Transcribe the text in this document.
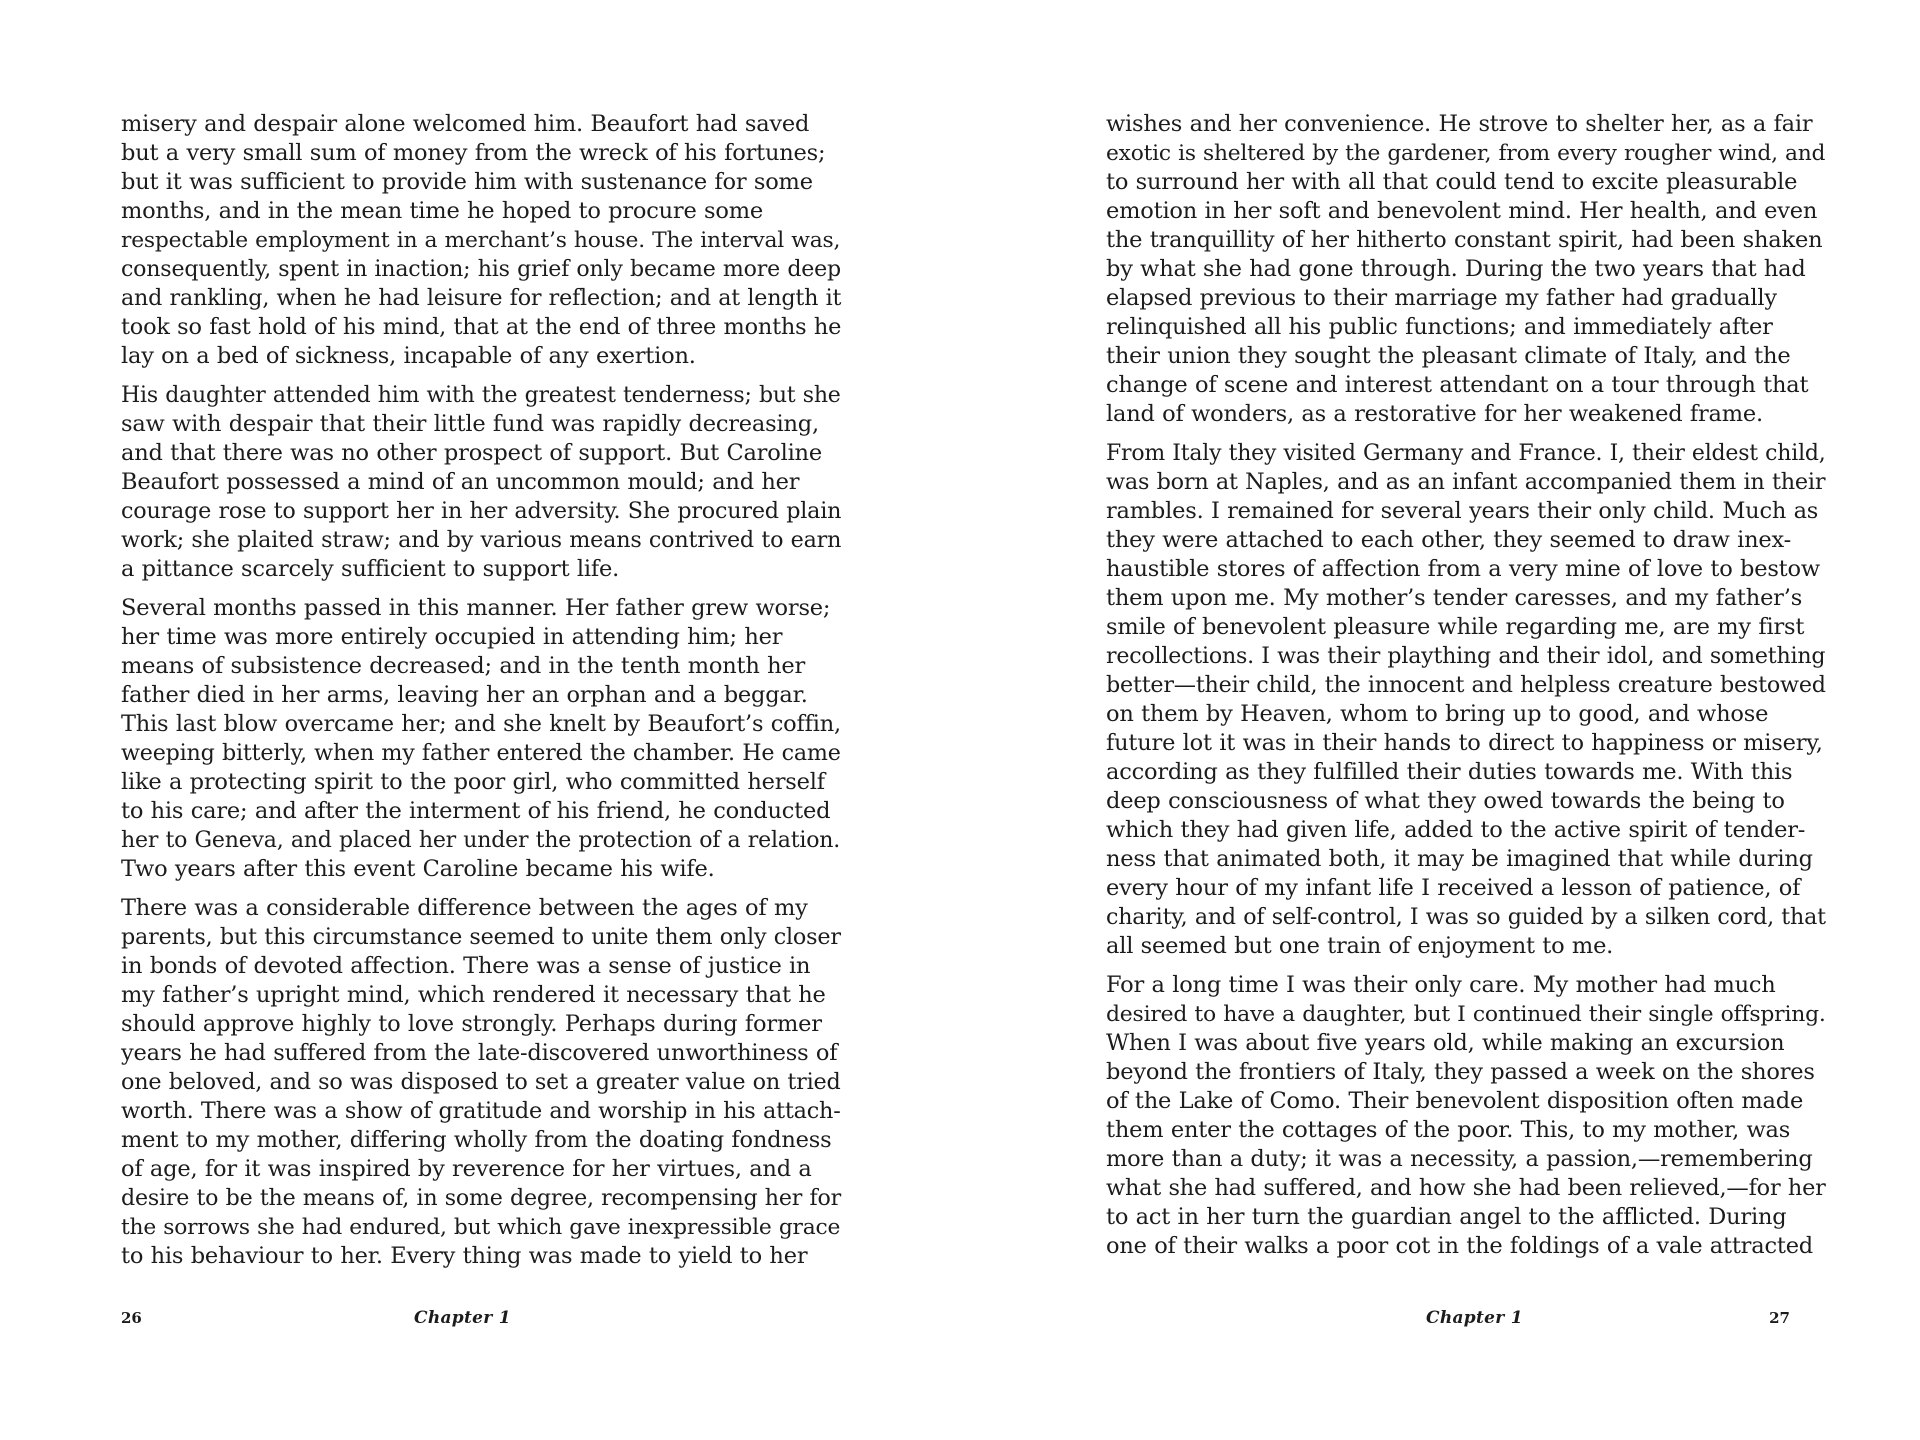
misery and despair alone welcomed him. Beaufort had saved
but a very small sum of money from the wreck of his fortunes;
but it was sufficient to provide him with sustenance for some
months, and in the mean time he hoped to procure some
respectable employment in a merchant’s house. The interval was,
consequently, spent in inaction; his grief only became more deep
and rankling, when he had leisure for reflection; and at length it
took so fast hold of his mind, that at the end of three months he
lay on a bed of sickness, incapable of any exertion.

His daughter attended him with the greatest tenderness; but she
saw with despair that their little fund was rapidly decreasing,
and that there was no other prospect of support. But Caroline
Beaufort possessed a mind of an uncommon mould; and her
courage rose to support her in her adversity. She procured plain
work; she plaited straw; and by various means contrived to earn
a pittance scarcely sufficient to support life.

Several months passed in this manner. Her father grew worse;
her time was more entirely occupied in attending him; her
means of subsistence decreased; and in the tenth month her
father died in her arms, leaving her an orphan and a beggar.
This last blow overcame her; and she knelt by Beaufort’s coffin,
weeping bitterly, when my father entered the chamber. He came
like a protecting spirit to the poor girl, who committed herself
to his care; and after the interment of his friend, he conducted
her to Geneva, and placed her under the protection of a relation.
Two years after this event Caroline became his wife.

There was a considerable difference between the ages of my
parents, but this circumstance seemed to unite them only closer
in bonds of devoted affection. There was a sense of justice in
my father’s upright mind, which rendered it necessary that he
should approve highly to love strongly. Perhaps during former
years he had suffered from the late-discovered unworthiness of
one beloved, and so was disposed to set a greater value on tried
worth. There was a show of gratitude and worship in his attach-
ment to my mother, differing wholly from the doating fondness
of age, for it was inspired by reverence for her virtues, and a
desire to be the means of, in some degree, recompensing her for
the sorrows she had endured, but which gave inexpressible grace
to his behaviour to her. Every thing was made to yield to her

26	Chapter 1

wishes and her convenience. He strove to shelter her, as a fair
exotic is sheltered by the gardener, from every rougher wind, and
to surround her with all that could tend to excite pleasurable
emotion in her soft and benevolent mind. Her health, and even
the tranquillity of her hitherto constant spirit, had been shaken
by what she had gone through. During the two years that had
elapsed previous to their marriage my father had gradually
relinquished all his public functions; and immediately after
their union they sought the pleasant climate of Italy, and the
change of scene and interest attendant on a tour through that
land of wonders, as a restorative for her weakened frame.

From Italy they visited Germany and France. I, their eldest child,
was born at Naples, and as an infant accompanied them in their
rambles. I remained for several years their only child. Much as
they were attached to each other, they seemed to draw inex-
haustible stores of affection from a very mine of love to bestow
them upon me. My mother’s tender caresses, and my father’s
smile of benevolent pleasure while regarding me, are my first
recollections. I was their plaything and their idol, and something
better—their child, the innocent and helpless creature bestowed
on them by Heaven, whom to bring up to good, and whose
future lot it was in their hands to direct to happiness or misery,
according as they fulfilled their duties towards me. With this
deep consciousness of what they owed towards the being to
which they had given life, added to the active spirit of tender-
ness that animated both, it may be imagined that while during
every hour of my infant life I received a lesson of patience, of
charity, and of self-control, I was so guided by a silken cord, that
all seemed but one train of enjoyment to me.

For a long time I was their only care. My mother had much
desired to have a daughter, but I continued their single offspring.
When I was about five years old, while making an excursion
beyond the frontiers of Italy, they passed a week on the shores
of the Lake of Como. Their benevolent disposition often made
them enter the cottages of the poor. This, to my mother, was
more than a duty; it was a necessity, a passion,—remembering
what she had suffered, and how she had been relieved,—for her
to act in her turn the guardian angel to the afflicted. During
one of their walks a poor cot in the foldings of a vale attracted

Chapter 1	27
